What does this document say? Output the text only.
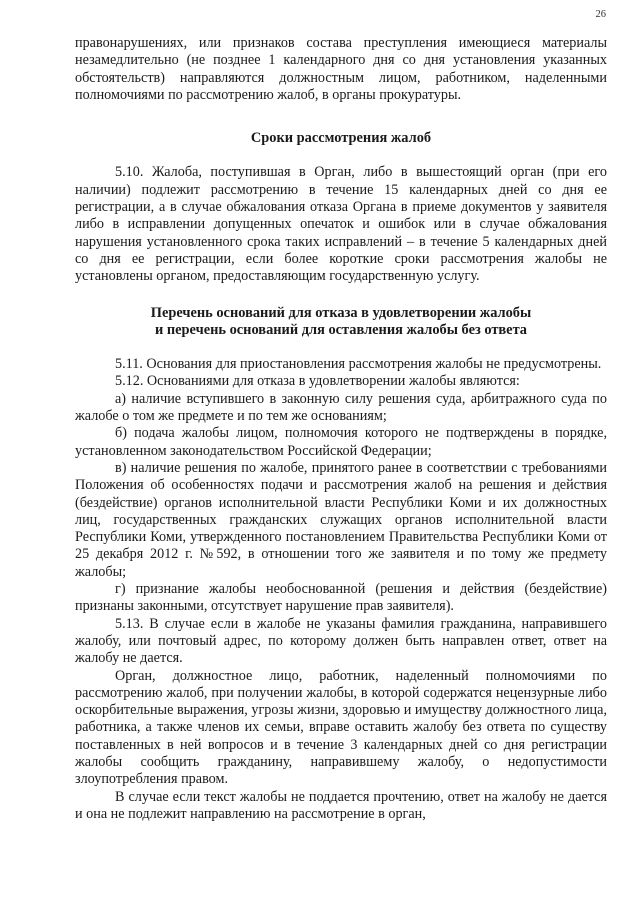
26

правонарушениях, или признаков состава преступления имеющиеся материалы незамедлительно (не позднее 1 календарного дня со дня установления указанных обстоятельств) направляются должностным лицом, работником, наделенными полномочиями по рассмотрению жалоб, в органы прокуратуры.

Сроки рассмотрения жалоб

5.10. Жалоба, поступившая в Орган, либо в вышестоящий орган (при его наличии) подлежит рассмотрению в течение 15 календарных дней со дня ее регистрации, а в случае обжалования отказа Органа в приеме документов у заявителя либо в исправлении допущенных опечаток и ошибок или в случае обжалования нарушения установленного срока таких исправлений – в течение 5 календарных дней со дня ее регистрации, если более короткие сроки рассмотрения жалобы не установлены органом, предоставляющим государственную услугу.

Перечень оснований для отказа в удовлетворении жалобы
и перечень оснований для оставления жалобы без ответа

5.11. Основания для приостановления рассмотрения жалобы не предусмотрены.

5.12. Основаниями для отказа в удовлетворении жалобы являются:

а) наличие вступившего в законную силу решения суда, арбитражного суда по жалобе о том же предмете и по тем же основаниям;

б) подача жалобы лицом, полномочия которого не подтверждены в порядке, установленном законодательством Российской Федерации;

в) наличие решения по жалобе, принятого ранее в соответствии с требованиями Положения об особенностях подачи и рассмотрения жалоб на решения и действия (бездействие) органов исполнительной власти Республики Коми и их должностных лиц, государственных гражданских служащих органов исполнительной власти Республики Коми, утвержденного постановлением Правительства Республики Коми от 25 декабря 2012 г. №592, в отношении того же заявителя и по тому же предмету жалобы;

г) признание жалобы необоснованной (решения и действия (бездействие) признаны законными, отсутствует нарушение прав заявителя).

5.13. В случае если в жалобе не указаны фамилия гражданина, направившего жалобу, или почтовый адрес, по которому должен быть направлен ответ, ответ на жалобу не дается.

Орган, должностное лицо, работник, наделенный полномочиями по рассмотрению жалоб, при получении жалобы, в которой содержатся нецензурные либо оскорбительные выражения, угрозы жизни, здоровью и имуществу должностного лица, работника, а также членов их семьи, вправе оставить жалобу без ответа по существу поставленных в ней вопросов и в течение 3 календарных дней со дня регистрации жалобы сообщить гражданину, направившему жалобу, о недопустимости злоупотребления правом.

В случае если текст жалобы не поддается прочтению, ответ на жалобу не дается и она не подлежит направлению на рассмотрение в орган,
